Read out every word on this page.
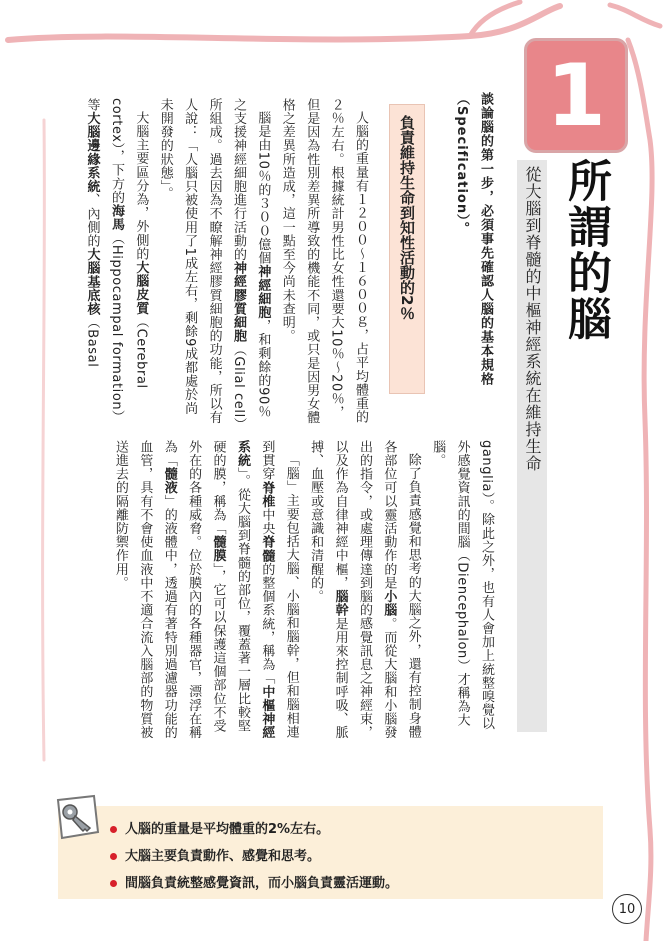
1
所謂的腦
從大腦到脊髓的中樞神經系統在維持生命
談論腦的第一步，必須事先確認人腦的基本規格（Specification）。
負責維持生命到知性活動的2％

人腦的重量有１２００～１６００ｇ，占平均體重的２％左右。根據統計男性比女性還要大10％～20％，但是因為性別差異所導致的機能不同，或只是因男女體格之差異所造成，這一點至今尚未查明。

腦是由10％的３００億個神經細胞，和剩餘的90％之支援神經細胞進行活動的神經膠質細胞（Glial cell）所組成。過去因為不瞭解神經膠質細胞的功能，所以有人說：「人腦只被使用了1成左右，剩餘9成都處於尚未開發的狀態」。

大腦主要區分為，外側的大腦皮質（Cerebral cortex），下方的海馬（Hippocampal formation）等大腦邊緣系統、內側的大腦基底核（Basal

ganglia）。除此之外，也有人會加上統整嗅覺以外感覺資訊的間腦（Diencephalon）才稱為大腦。

除了負責感覺和思考的大腦之外，還有控制身體各部位可以靈活動作的是小腦。而從大腦和小腦發出的指令，或處理傳達到腦的感覺訊息之神經束，以及作為自律神經中樞，腦幹是用來控制呼吸、脈搏、血壓或意識和清醒的。

「腦」主要包括大腦、小腦和腦幹，但和腦相連到貫穿脊椎中央脊髓的整個系統，稱為「中樞神經系統」。從大腦到脊髓的部位，覆蓋著一層比較堅硬的膜，稱為「髓膜」，它可以保護這個部位不受外在的各種威脅。位於膜內的各種器官，漂浮在稱為「髓液」的液體中，透過有著特別過濾器功能的血管，具有不會使血液中不適合流入腦部的物質被送進去的隔離防禦作用。

人腦的重量是平均體重的2%左右。
大腦主要負責動作、感覺和思考。
間腦負責統整感覺資訊，而小腦負責靈活運動。
10
